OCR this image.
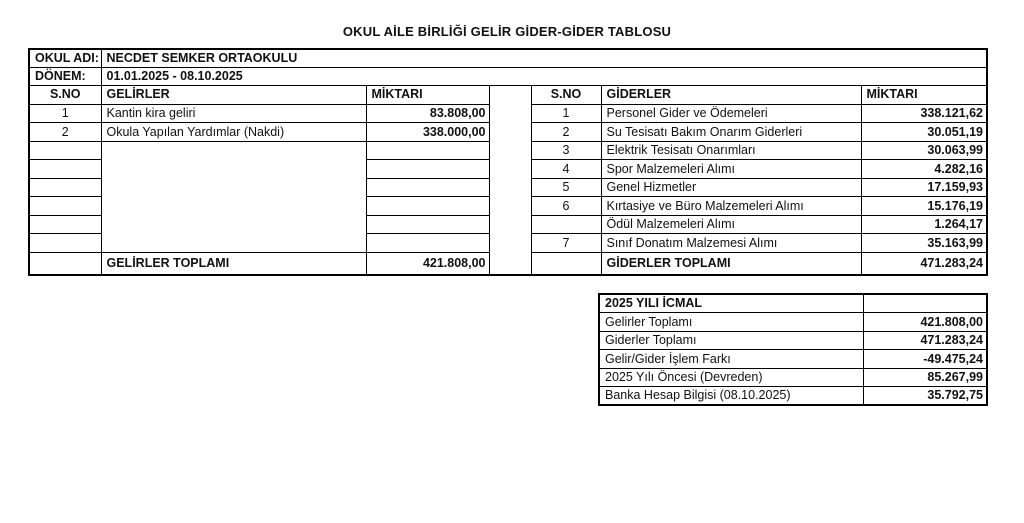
OKUL AİLE BİRLİĞİ GELİR GİDER-GİDER TABLOSU
OKUL ADI:	NECDET SEMKER ORTAOKULU					
DÖNEM:	01.01.2025 - 08.10.2025					
S.NO	GELİRLER	MİKTARI		S.NO	GİDERLER	MİKTARI
1	Kantin kira geliri	83.808,00		1	Personel Gider ve Ödemeleri	338.121,62
2	Okula Yapılan Yardımlar (Nakdi)	338.000,00		2	Su Tesisatı Bakım Onarım Giderleri	30.051,19
				3	Elektrik Tesisatı Onarımları	30.063,99
				4	Spor Malzemeleri Alımı	4.282,16
				5	Genel Hizmetler	17.159,93
				6	Kırtasiye ve Büro Malzemeleri Alımı	15.176,19
					Ödül Malzemeleri Alımı	1.264,17
				7	Sınıf Donatım Malzemesi Alımı	35.163,99
	GELİRLER TOPLAMI	421.808,00			GİDERLER TOPLAMI	471.283,24
2025 YILI İCMAL	
Gelirler Toplamı	421.808,00
Giderler Toplamı	471.283,24
Gelir/Gider İşlem Farkı	-49.475,24
2025 Yılı Öncesi (Devreden)	85.267,99
Banka Hesap Bilgisi (08.10.2025)	35.792,75
